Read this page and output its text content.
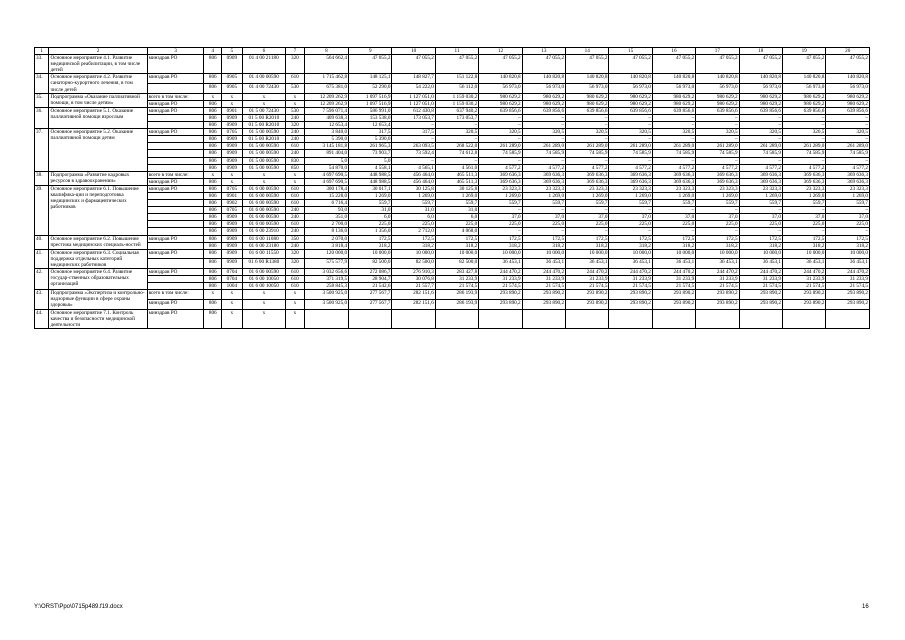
1	2	3	4	5	6	7	8	9	10	11	12	13	14	15	16	17	18	19	20
33.	Основное мероприятие 4.1. Развитие медицинской реабилитации, в том числе детей	минздрав РО	806	0909	01 4 00 21180	320	564 662,4	47 055,2	47 055,2	47 055,2	47 055,2	47 055,2	47 055,2	47 055,2	47 055,2	47 055,2	47 055,2	47 055,2	47 055,2
34.	Основное мероприятие 4.2. Развитие санаторно-курортного лечения, в том числе детей	минздрав РО	806	0905	01 4 00 00590	610	1 715 462,8	148 125,1	148 827,7	151 122,8	140 820,8	140 820,8	140 820,8	140 820,8	140 820,8	140 820,8	140 820,8	140 820,8	140 820,8
			806	0905	01 4 00 72430	530	675 381,0	52 290,0	54 222,0	56 112,0	56 973,0	56 973,0	56 973,0	56 973,0	56 973,0	56 973,0	56 973,0	56 973,0	56 973,0
35.	Подпрограмма «Оказание паллиативной помощи, в том числе детям»	всего в том числе:	x	x	x	x	12 209 262,9	1 097 516,9	1 127 051,0	1 159 030,2	980 629,2	980 629,2	980 629,2	980 629,2	980 629,2	980 629,2	980 629,2	980 629,2	980 629,2
		минздрав РО	806	x	x	x	12 209 262,9	1 097 516,9	1 127 051,0	1 159 030,2	980 629,2	980 629,2	980 629,2	980 629,2	980 629,2	980 629,2	980 629,2	980 629,2	980 629,2
36.	Основное мероприятие 5.1. Оказание паллиативной помощи взрослым	минздрав РО	806	0901	01 5 00 72430	530	7 596 071,4	586 991,0	612 430,8	637 940,2	639 856,6	639 856,6	639 856,6	639 856,6	639 856,6	639 856,6	639 856,6	639 856,6	639 856,6
			806	0909	01 5 00 R2010	240	409 638,3	153 538,0	173 053,7	173 053,7	–	–	–	–	–	–	–	–	–
			806	0909	01 5 00 R2010	320	12 653,4	12 653,4	–	–	–	–	–	–	–	–	–	–	–
37.	Основное мероприятие 5.2. Оказание паллиативной помощи детям	минздрав РО	806	0705	01 5 00 00590	240	3 840,0	317,5	317,5	320,5	320,5	320,5	320,5	320,5	320,5	320,5	320,5	320,5	320,5
			806	0909	01 5 00 R2010	240	5 390,0	5 390,0	–	–	–	–	–	–	–	–	–	–	–
			806	0909	01 5 00 00590	610	3 145 181,8	261 965,3	263 093,5	268 522,0	261 289,0	261 289,0	261 289,0	261 289,0	261 289,0	261 289,0	261 289,0	261 289,0	261 289,0
			806	0909	01 5 00 00590	240	891 404,0	73 903,7	73 592,4	74 612,8	74 585,9	74 585,9	74 585,9	74 585,9	74 585,9	74 585,9	74 585,9	74 585,9	74 585,9
			806	0909	01 5 00 00590	830	5,0	5,0	–	–	–	–	–	–	–	–	–	–	–
			806	0909	01 5 00 00590	850	54 870,0	4 558,1	4 565,1	4 561,0	4 577,2	4 577,2	4 577,2	4 577,2	4 577,2	4 577,2	4 577,2	4 577,2	4 577,2
38.	Подпрограмма «Развитие кадровых ресурсов в здравоохранении»	всего в том числе:	x	x	x	x	4 697 690,5	448 988,5	456 464,0	465 511,3	369 636,3	369 636,3	369 636,3	369 636,3	369 636,3	369 636,3	369 636,3	369 636,3	369 636,3
		минздрав РО	806	x	x	x	4 697 690,5	448 988,5	456 464,0	465 511,3	369 636,3	369 636,3	369 636,3	369 636,3	369 636,3	369 636,3	369 636,3	369 636,3	369 636,3
39.	Основное мероприятие 6.1. Повышение квалифика-ции и переподготовка медицинских и фармацевтических работников	минздрав РО	806	0705	01 6 00 00590	610	300 178,4	30 017,1	30 125,8	30 125,8	23 323,3	23 323,3	23 323,3	23 323,3	23 323,3	23 323,3	23 323,3	23 323,3	23 323,3
			806	0901	01 6 00 00590	610	15 228,0	1 269,0	1 269,0	1 269,0	1 269,0	1 269,0	1 269,0	1 269,0	1 269,0	1 269,0	1 269,0	1 269,0	1 269,0
			806	0902	01 6 00 00590	610	6 716,4	559,7	559,7	559,7	559,7	559,7	559,7	559,7	559,7	559,7	559,7	559,7	559,7
			806	0705	01 6 00 00590	240	93,0	31,0	31,0	31,0	–	–	–	–	–	–	–	–	–
			806	0909	01 6 00 00590	240	351,0	6,0	6,0	6,0	37,0	37,0	37,0	37,0	37,0	37,0	37,0	37,0	37,0
			806	0909	01 6 00 00590	610	2 700,0	225,0	225,0	225,0	225,0	225,0	225,0	225,0	225,0	225,0	225,0	225,0	225,0
			806	0909	01 6 00 23910	240	8 136,0	1 356,0	2 712,0	4 068,0	–	–	–	–	–	–	–	–	–
40.	Основное мероприятие 6.2. Повышение престижа медицинских специаль-ностей	минздрав РО	806	0909	01 6 00 11080	350	2 070,0	172,5	172,5	172,5	172,5	172,5	172,5	172,5	172,5	172,5	172,5	172,5	172,5
			806	0909	01 6 00 23180	240	3 818,4	318,2	318,2	318,2	318,2	318,2	318,2	318,2	318,2	318,2	318,2	318,2	318,2
41.	Основное мероприятие 6.3. Социальная поддержка отдельных категорий медицинских работников	минздрав РО	806	0909	01 6 00 11550	320	120 000,0	10 000,0	10 000,0	10 000,0	10 000,0	10 000,0	10 000,0	10 000,0	10 000,0	10 000,0	10 000,0	10 000,0	10 000,0
			806	0909	01 6 00 R1380	320	575 577,9	82 500,0	82 500,0	82 500,0	36 453,1	36 453,1	36 453,1	36 453,1	36 453,1	36 453,1	36 453,1	36 453,1	36 453,1
42.	Основное мероприятие 6.4. Развитие государ-ственных образовательных организаций	минздрав РО	806	0704	01 6 00 00590	610	3 032 656,6	272 086,7	276 910,3	283 427,8	244 470,2	244 470,2	244 470,2	244 470,2	244 470,2	244 470,2	244 470,2	244 470,2	244 470,2
			806	0704	01 6 00 10050	610	371 319,5	28 904,7	30 076,8	31 233,9	31 233,9	31 233,9	31 233,9	31 233,9	31 233,9	31 233,9	31 233,9	31 233,9	31 233,9
			806	1004	01 6 00 10050	610	258 845,3	21 542,6	21 557,7	21 574,5	21 574,5	21 574,5	21 574,5	21 574,5	21 574,5	21 574,5	21 574,5	21 574,5	21 574,5
43.	Подпрограмма «Экспертиза и контрольно-надзорные функции в сфере охраны здоровья»	всего в том числе:	x	x	x	x	3 500 925,0	277 567,7	282 151,6	286 193,9	293 890,2	293 890,2	293 890,2	293 890,2	293 890,2	293 890,2	293 890,2	293 890,2	293 890,2
		минздрав РО	806	x	x	x	3 500 925,0	277 567,7	282 151,6	286 193,9	293 890,2	293 890,2	293 890,2	293 890,2	293 890,2	293 890,2	293 890,2	293 890,2	293 890,2
44.	Основное мероприятие 7.1. Контроль качества и безопасности медицинской деятельности	минздрав РО	806	x	x	x													
Y:\ORST\Ppo\0715p489.f19.docx	16
